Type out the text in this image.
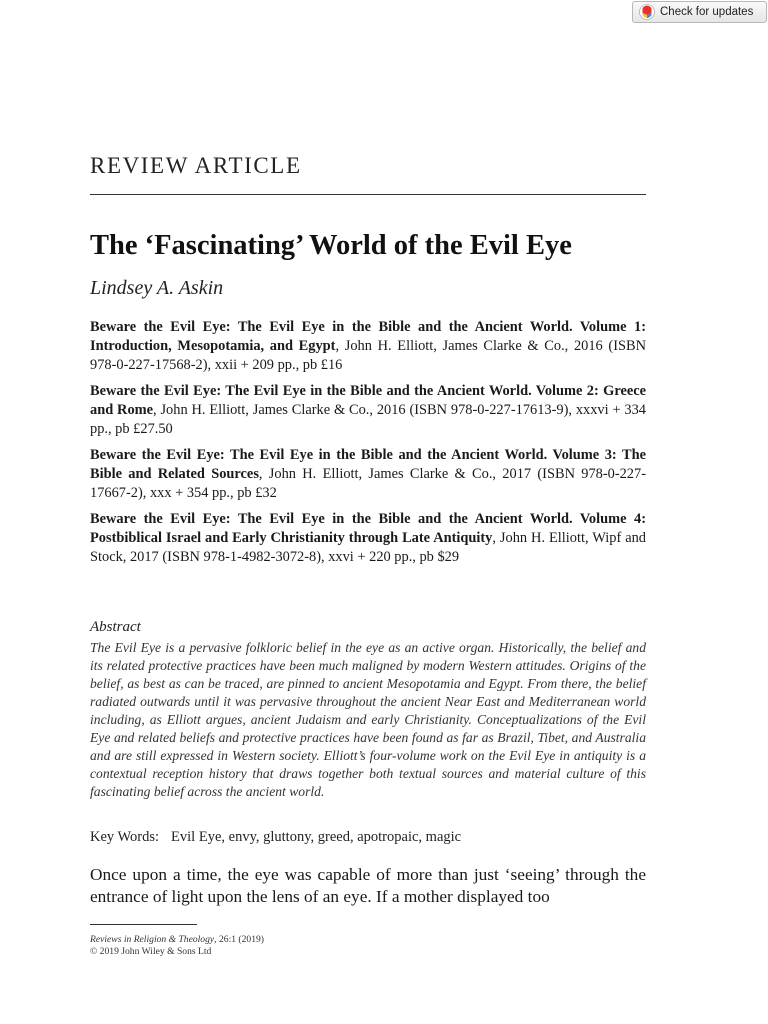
Check for updates
REVIEW ARTICLE
The ‘Fascinating’ World of the Evil Eye
Lindsey A. Askin
Beware the Evil Eye: The Evil Eye in the Bible and the Ancient World. Volume 1: Introduction, Mesopotamia, and Egypt, John H. Elliott, James Clarke & Co., 2016 (ISBN 978-0-227-17568-2), xxii + 209 pp., pb £16
Beware the Evil Eye: The Evil Eye in the Bible and the Ancient World. Volume 2: Greece and Rome, John H. Elliott, James Clarke & Co., 2016 (ISBN 978-0-227-17613-9), xxxvi + 334 pp., pb £27.50
Beware the Evil Eye: The Evil Eye in the Bible and the Ancient World. Volume 3: The Bible and Related Sources, John H. Elliott, James Clarke & Co., 2017 (ISBN 978-0-227-17667-2), xxx + 354 pp., pb £32
Beware the Evil Eye: The Evil Eye in the Bible and the Ancient World. Volume 4: Postbiblical Israel and Early Christianity through Late Antiquity, John H. Elliott, Wipf and Stock, 2017 (ISBN 978-1-4982-3072-8), xxvi + 220 pp., pb $29
Abstract
The Evil Eye is a pervasive folkloric belief in the eye as an active organ. Historically, the belief and its related protective practices have been much maligned by modern Western attitudes. Origins of the belief, as best as can be traced, are pinned to ancient Mesopotamia and Egypt. From there, the belief radiated outwards until it was pervasive throughout the ancient Near East and Mediterranean world including, as Elliott argues, ancient Judaism and early Christianity. Conceptualizations of the Evil Eye and related beliefs and protective practices have been found as far as Brazil, Tibet, and Australia and are still expressed in Western society. Elliott’s four-volume work on the Evil Eye in antiquity is a contextual reception history that draws together both textual sources and material culture of this fascinating belief across the ancient world.
Key Words: Evil Eye, envy, gluttony, greed, apotropaic, magic
Once upon a time, the eye was capable of more than just ‘seeing’ through the entrance of light upon the lens of an eye. If a mother displayed too
Reviews in Religion & Theology, 26:1 (2019)
© 2019 John Wiley & Sons Ltd
